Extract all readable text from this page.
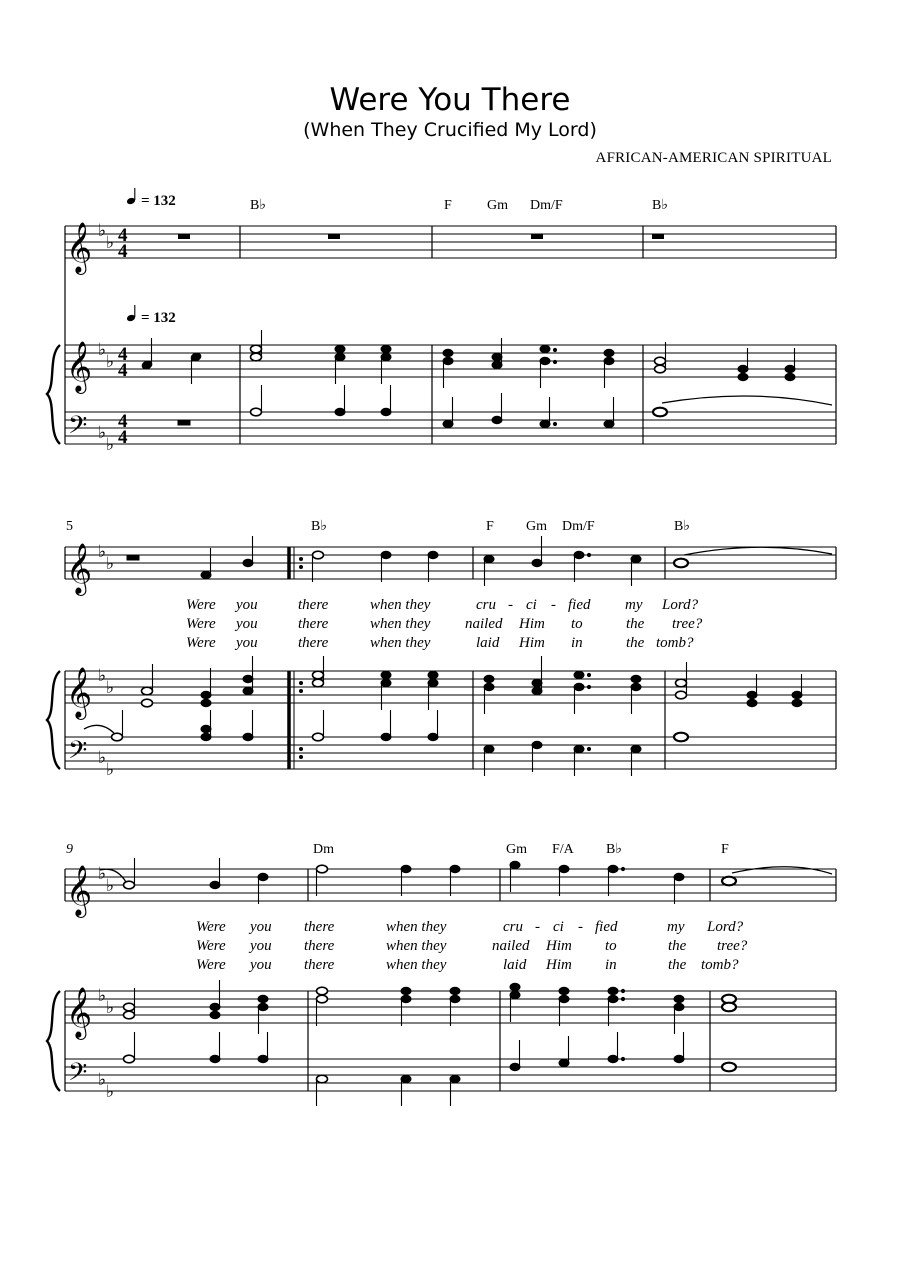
Were You There
(When They Crucified My Lord)
AFRICAN-AMERICAN SPIRITUAL
= 132
= 132
B♭	F	Gm Dm/F	B♭
𝄞
𝄞
𝄢
♭
♭
♭
♭
♭
♭
4
4
4
4
4
4
5	B♭	F Gm Dm/F	B♭
𝄞
𝄞
𝄢
♭
♭
♭
♭
♭
♭
Were you	there	when they	cru - ci - fied my Lord?
Were you	there	when they nailed Him to	the tree?
Were you	there	when they	laid Him in	the tomb?
9	Dm	Gm F/A B♭	F
𝄞
𝄞
𝄢
♭
♭
♭
♭
♭
♭
Were you there	when they	cru - ci - fied	my Lord?
Were you there	when they	nailed Him to	the tree?
Were you there	when they	laid Him in	the tomb?
